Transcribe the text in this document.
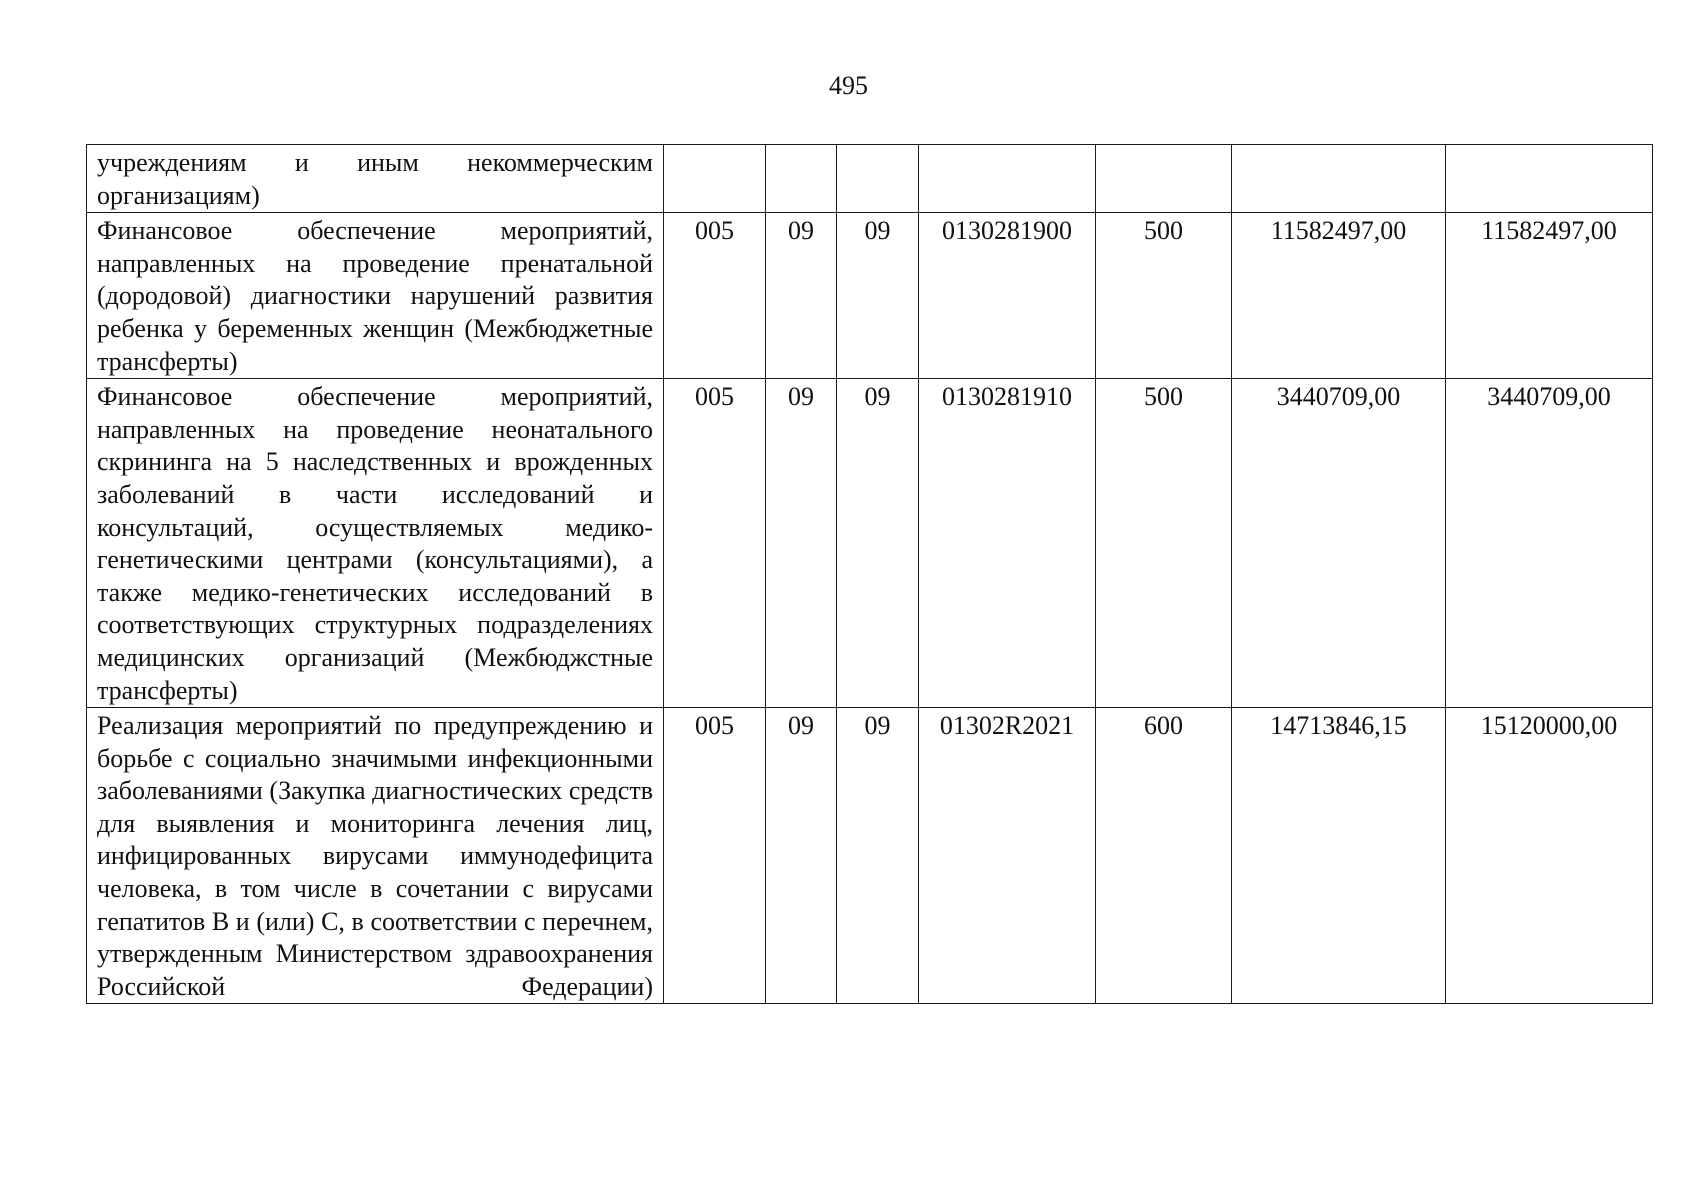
495
учреждениям и иным некоммерческим организациям)							
Финансовое обеспечение мероприятий, направленных на проведение пренатальной (дородовой) диагностики нарушений развития ребенка у беременных женщин (Межбюджетные трансферты)	005	09	09	0130281900	500	11582497,00	11582497,00
Финансовое обеспечение мероприятий, направленных на проведение неонатального скрининга на 5 наследственных и врожденных заболеваний в части исследований и консультаций, осуществляемых медико-генетическими центрами (консультациями), а также медико-генетических исследований в соответствующих структурных подразделениях медицинских организаций (Межбюджстные трансферты)	005	09	09	0130281910	500	3440709,00	3440709,00
Реализация мероприятий по предупреждению и борьбе с социально значимыми инфекционными заболеваниями (Закупка диагностических средств для выявления и мониторинга лечения лиц, инфицированных вирусами иммунодефицита человека, в том числе в сочетании с вирусами гепатитов B и (или) C, в соответствии с перечнем, утвержденным Министерством здравоохранения Российской Федерации)	005	09	09	01302R2021	600	14713846,15	15120000,00
